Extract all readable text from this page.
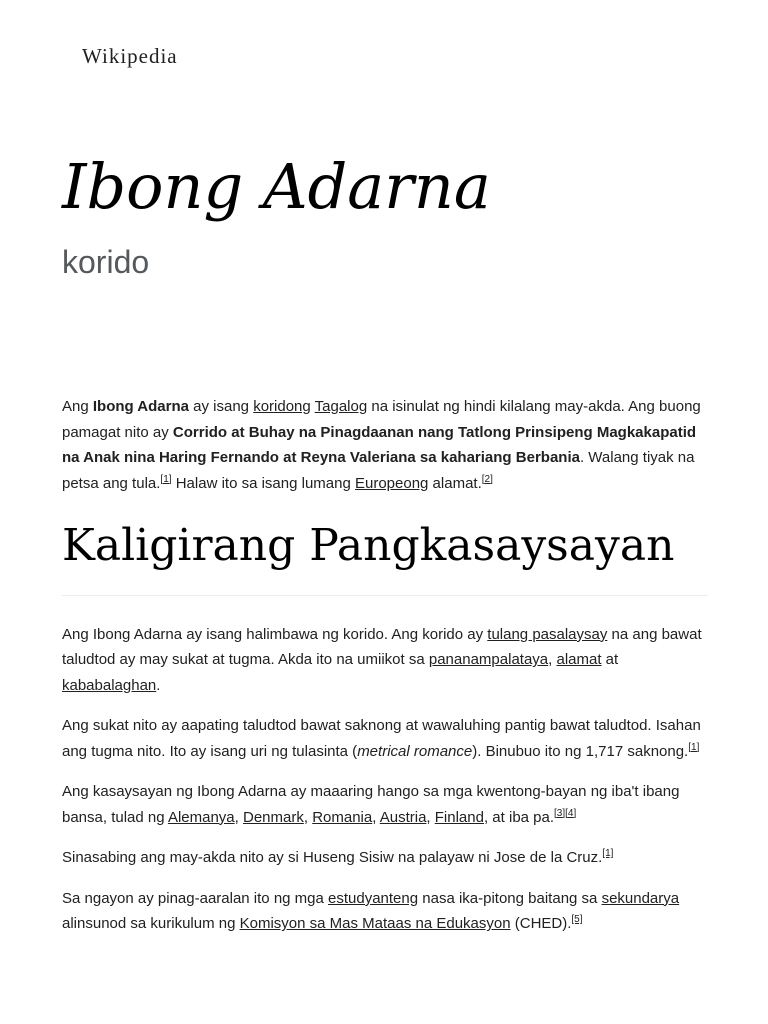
Wikipedia
Ibong Adarna
korido

Ang Ibong Adarna ay isang koridong Tagalog na isinulat ng hindi kilalang may-akda. Ang buong pamagat nito ay Corrido at Buhay na Pinagdaanan nang Tatlong Prinsipeng Magkakapatid na Anak nina Haring Fernando at Reyna Valeriana sa kahariang Berbania. Walang tiyak na petsa ang tula.[1] Halaw ito sa isang lumang Europeong alamat.[2]

Kaligirang Pangkasaysayan

Ang Ibong Adarna ay isang halimbawa ng korido. Ang korido ay tulang pasalaysay na ang bawat taludtod ay may sukat at tugma. Akda ito na umiikot sa pananampalataya, alamat at kababalaghan.

Ang sukat nito ay aapating taludtod bawat saknong at wawaluhing pantig bawat taludtod. Isahan ang tugma nito. Ito ay isang uri ng tulasinta (metrical romance). Binubuo ito ng 1,717 saknong.[1]

Ang kasaysayan ng Ibong Adarna ay maaaring hango sa mga kwentong-bayan ng iba't ibang bansa, tulad ng Alemanya, Denmark, Romania, Austria, Finland, at iba pa.[3][4]

Sinasabing ang may-akda nito ay si Huseng Sisiw na palayaw ni Jose de la Cruz.[1]

Sa ngayon ay pinag-aaralan ito ng mga estudyanteng nasa ika-pitong baitang sa sekundarya alinsunod sa kurikulum ng Komisyon sa Mas Mataas na Edukasyon (CHED).[5]
